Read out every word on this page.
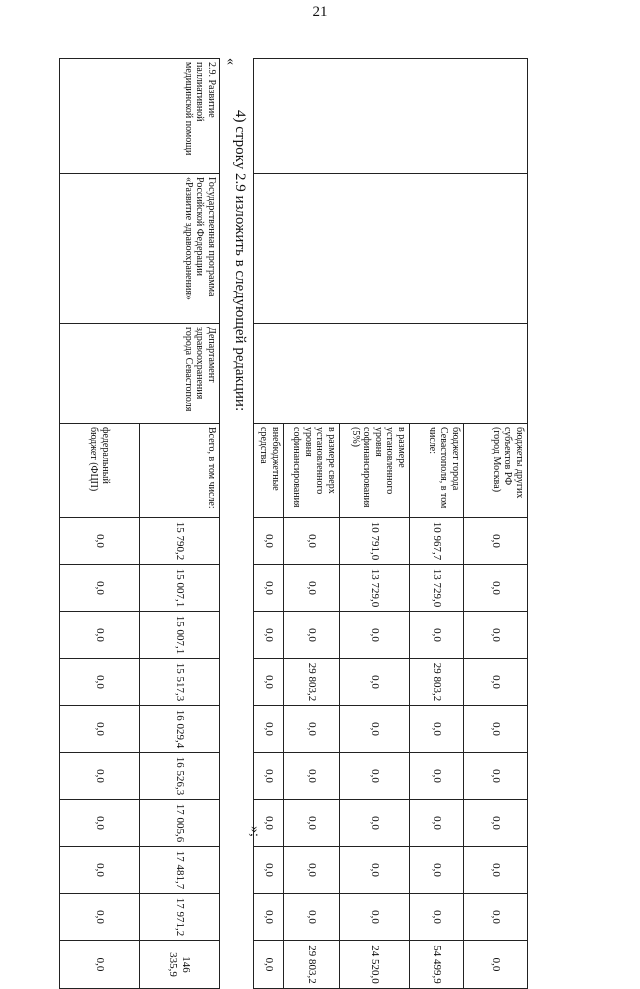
21
			бюджеты других субъектов РФ (город Москва)	0,0	0,0	0,0	0,0	0,0	0,0	0,0	0,0	0,0	0,0
			бюджет города Севастополя, в том числе:	10 967,7	13 729,0	0,0	29 803,2	0,0	0,0	0,0	0,0	0,0	54 499,9
			в размере установленного уровня софинансирования (5%)	10 791,0	13 729,0	0,0	0,0	0,0	0,0	0,0	0,0	0,0	24 520,0
			в размере сверх установленного уровня софинансирования	0,0	0,0	0,0	29 803,2	0,0	0,0	0,0	0,0	0,0	29 803,2
			внебюджетные средства	0,0	0,0	0,0	0,0	0,0	0,0	0,0	0,0	0,0	0,0
4) строку 2.9 изложить в следующей редакции:
«
»;
2.9. Развитие паллиативной медицинской помощи	Государственная программа Российской Федерации «Развитие здравоохранения»	Департамент здравоохранения города Севастополя	Всего, в том числе:	15 790,2	15 007,1	15 007,1	15 517,3	16 029,4	16 526,3	17 005,6	17 481,7	17 971,2	146 335,9
			федеральный бюджет (ФЦП)	0,0	0,0	0,0	0,0	0,0	0,0	0,0	0,0	0,0	0,0
